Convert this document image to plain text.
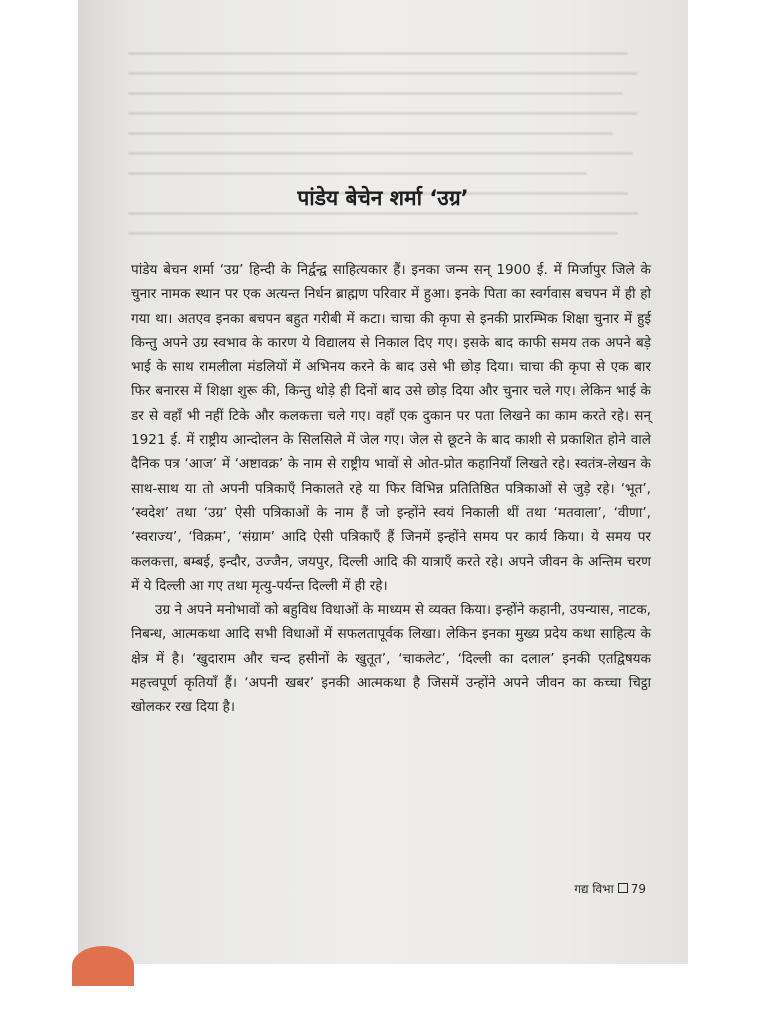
पांडेय बेचेन शर्मा ‘उग्र’

पांडेय बेचन शर्मा ‘उग्र’ हिन्दी के निर्द्वन्द्व साहित्यकार हैं। इनका जन्म सन् 1900 ई. में मिर्जापुर जिले के चुनार नामक स्थान पर एक अत्यन्त निर्धन ब्राह्मण परिवार में हुआ। इनके पिता का स्वर्गवास बचपन में ही हो गया था। अतएव इनका बचपन बहुत गरीबी में कटा। चाचा की कृपा से इनकी प्रारम्भिक शिक्षा चुनार में हुई किन्तु अपने उग्र स्वभाव के कारण ये विद्यालय से निकाल दिए गए। इसके बाद काफी समय तक अपने बड़े भाई के साथ रामलीला मंडलियों में अभिनय करने के बाद उसे भी छोड़ दिया। चाचा की कृपा से एक बार फिर बनारस में शिक्षा शुरू की, किन्तु थोड़े ही दिनों बाद उसे छोड़ दिया और चुनार चले गए। लेकिन भाई के डर से वहाँ भी नहीं टिके और कलकत्ता चले गए। वहाँ एक दुकान पर पता लिखने का काम करते रहे। सन् 1921 ई. में राष्ट्रीय आन्दोलन के सिलसिले में जेल गए। जेल से छूटने के बाद काशी से प्रकाशित होने वाले दैनिक पत्र ‘आज’ में ‘अष्टावक्र’ के नाम से राष्ट्रीय भावों से ओत-प्रोत कहानियाँ लिखते रहे। स्वतंत्र-लेखन के साथ-साथ या तो अपनी पत्रिकाएँ निकालते रहे या फिर विभिन्न प्रतितिष्ठित पत्रिकाओं से जुड़े रहे। ‘भूत’, ‘स्वदेश’ तथा ‘उग्र’ ऐसी पत्रिकाओं के नाम हैं जो इन्होंने स्वयं निकाली थीं तथा ‘मतवाला’, ‘वीणा’, ‘स्वराज्य’, ‘विक्रम’, ‘संग्राम’ आदि ऐसी पत्रिकाएँ हैं जिनमें इन्होंने समय पर कार्य किया। ये समय पर कलकत्ता, बम्बई, इन्दौर, उज्जैन, जयपुर, दिल्ली आदि की यात्राएँ करते रहे। अपने जीवन के अन्तिम चरण में ये दिल्ली आ गए तथा मृत्यु-पर्यन्त दिल्ली में ही रहे।

उग्र ने अपने मनोभावों को बहुविध विधाओं के माध्यम से व्यक्त किया। इन्होंने कहानी, उपन्यास, नाटक, निबन्ध, आत्मकथा आदि सभी विधाओं में सफलतापूर्वक लिखा। लेकिन इनका मुख्य प्रदेय कथा साहित्य के क्षेत्र में है। ‘खुदाराम और चन्द हसीनों के खुतूत’, ‘चाकलेट’, ‘दिल्ली का दलाल’ इनकी एतद्विषयक महत्त्वपूर्ण कृतियाँ हैं। ‘अपनी खबर’ इनकी आत्मकथा है जिसमें उन्होंने अपने जीवन का कच्चा चिट्ठा खोलकर रख दिया है।

गद्य विभा 79
